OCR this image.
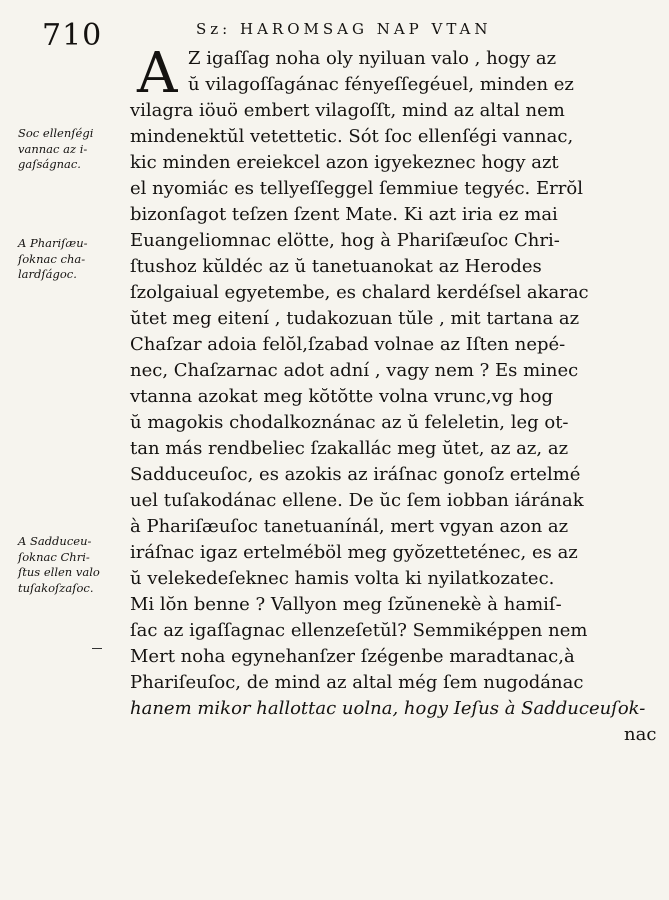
710	Sz: HAROMSAG NAP VTAN
A
Soc ellenſégi
vannac az i-
gaſságnac.
A Phariſæu-
ſoknac cha-
lardſágoc.
A Sadduceu-
ſoknac Chri-
ſtus ellen valo
tuſakoſzaſoc.
Z igaſſag noha oly nyiluan valo , hogy az
ŭ vilagoſſagánac fényeſſegéuel, minden ez
vilagra iöuö embert vilagoſſt, mind az altal nem
mindenektŭl vetettetic. Sót ſoc ellenſégi vannac,
kic minden ereiekcel azon igyekeznec hogy azt
el nyomiác es tellyeſſeggel ſemmiue tegyéc. Errŏl
bizonſagot teſzen ſzent Mate. Ki azt iria ez mai
Euangeliomnac elötte, hog à Phariſæuſoc Chri-
ſtushoz kŭldéc az ŭ tanetuanokat az Herodes
ſzolgaiual egyetembe, es chalard kerdéſsel akarac
ŭtet meg eitení , tudakozuan tŭle , mit tartana az
Chaſzar adoia felŏl,ſzabad volnae az Iſten nepé-
nec, Chaſzarnac adot adní , vagy nem ? Es minec
vtanna azokat meg kŏtŏtte volna vrunc,vg hog
ŭ magokis chodalkoznánac az ŭ feleletin, leg ot-
tan más rendbeliec ſzakallác meg ŭtet, az az, az
Sadduceuſoc, es azokis az iráſnac gonoſz ertelmé
uel tuſakodánac ellene. De ŭc ſem iobban iárának
à Phariſæuſoc tanetuanínál, mert vgyan azon az
iráſnac igaz ertelméböl meg gyŏzetteténec, es az
ŭ velekedeſeknec hamis volta ki nyilatkozatec.
Mi lŏn benne ? Vallyon meg ſzŭnenekè à hamiſ-
ſac az igaſſagnac ellenzeſetŭl? Semmiképpen nem
Mert noha egynehanſzer ſzégenbe maradtanac,à
Phariſeuſoc, de mind az altal még ſem nugodánac
hanem mikor hallottac uolna, hogy Ieſus à Sadduceuſok-
nac
